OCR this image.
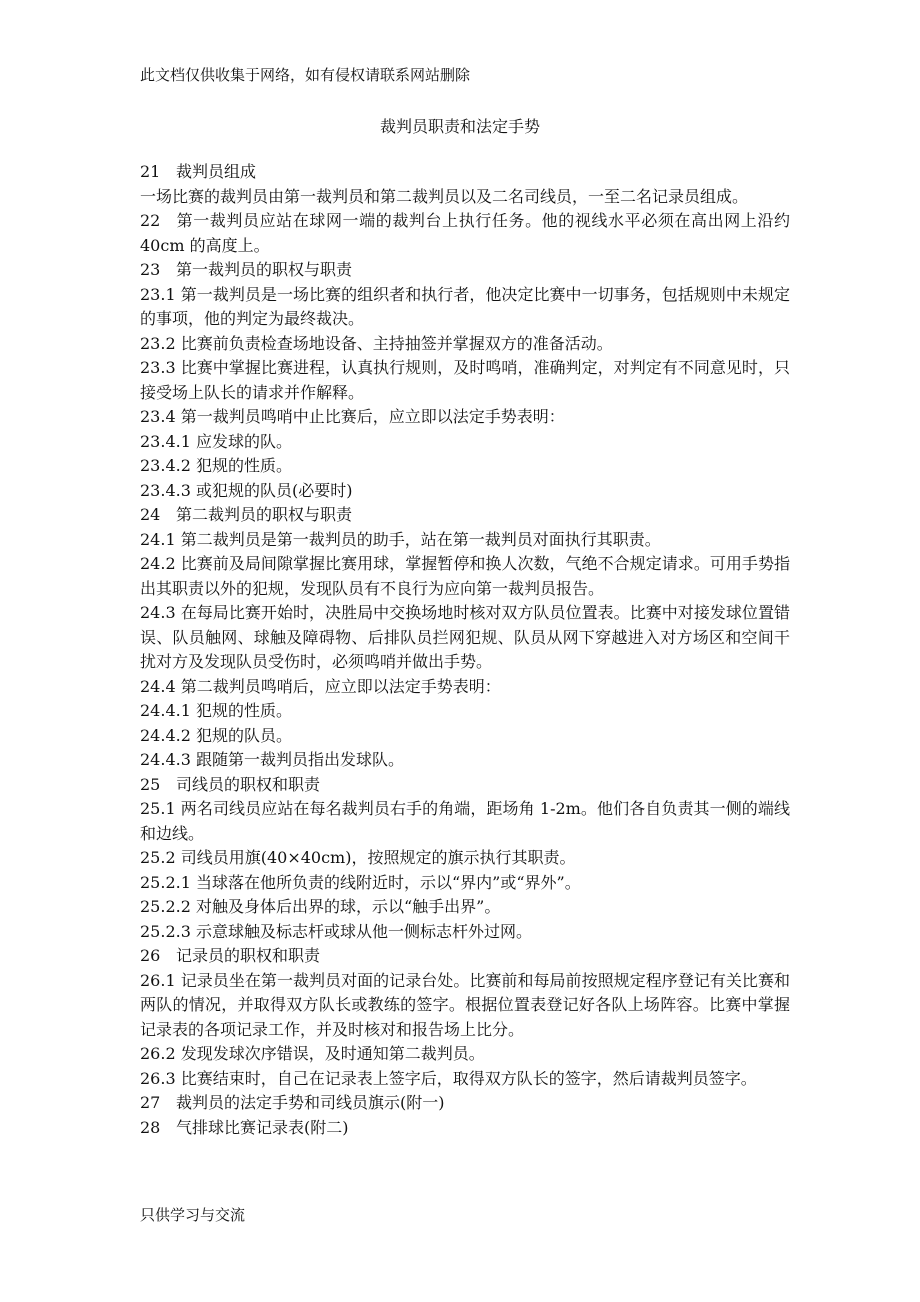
此文档仅供收集于网络，如有侵权请联系网站删除
裁判员职责和法定手势

21 裁判员组成

一场比赛的裁判员由第一裁判员和第二裁判员以及二名司线员，一至二名记录员组成。

22 第一裁判员应站在球网一端的裁判台上执行任务。他的视线水平必须在高出网上沿约 40cm 的高度上。

23 第一裁判员的职权与职责

23.1 第一裁判员是一场比赛的组织者和执行者，他决定比赛中一切事务，包括规则中未规定的事项，他的判定为最终裁决。

23.2 比赛前负责检查场地设备、主持抽签并掌握双方的准备活动。

23.3 比赛中掌握比赛进程，认真执行规则，及时鸣哨，准确判定，对判定有不同意见时，只接受场上队长的请求并作解释。

23.4 第一裁判员鸣哨中止比赛后，应立即以法定手势表明：

23.4.1 应发球的队。

23.4.2 犯规的性质。

23.4.3 或犯规的队员(必要时)

24 第二裁判员的职权与职责

24.1 第二裁判员是第一裁判员的助手，站在第一裁判员对面执行其职责。

24.2 比赛前及局间隙掌握比赛用球，掌握暂停和换人次数，气绝不合规定请求。可用手势指出其职责以外的犯规，发现队员有不良行为应向第一裁判员报告。

24.3 在每局比赛开始时，决胜局中交换场地时核对双方队员位置表。比赛中对接发球位置错误、队员触网、球触及障碍物、后排队员拦网犯规、队员从网下穿越进入对方场区和空间干扰对方及发现队员受伤时，必须鸣哨并做出手势。

24.4 第二裁判员鸣哨后，应立即以法定手势表明：

24.4.1 犯规的性质。

24.4.2 犯规的队员。

24.4.3 跟随第一裁判员指出发球队。

25 司线员的职权和职责

25.1 两名司线员应站在每名裁判员右手的角端，距场角 1-2m。他们各自负责其一侧的端线和边线。

25.2 司线员用旗(40×40cm)，按照规定的旗示执行其职责。

25.2.1 当球落在他所负责的线附近时，示以“界内”或“界外”。

25.2.2 对触及身体后出界的球，示以“触手出界”。

25.2.3 示意球触及标志杆或球从他一侧标志杆外过网。

26 记录员的职权和职责

26.1 记录员坐在第一裁判员对面的记录台处。比赛前和每局前按照规定程序登记有关比赛和两队的情况，并取得双方队长或教练的签字。根据位置表登记好各队上场阵容。比赛中掌握记录表的各项记录工作，并及时核对和报告场上比分。

26.2 发现发球次序错误，及时通知第二裁判员。

26.3 比赛结束时，自己在记录表上签字后，取得双方队长的签字，然后请裁判员签字。

27 裁判员的法定手势和司线员旗示(附一)

28 气排球比赛记录表(附二)

只供学习与交流
